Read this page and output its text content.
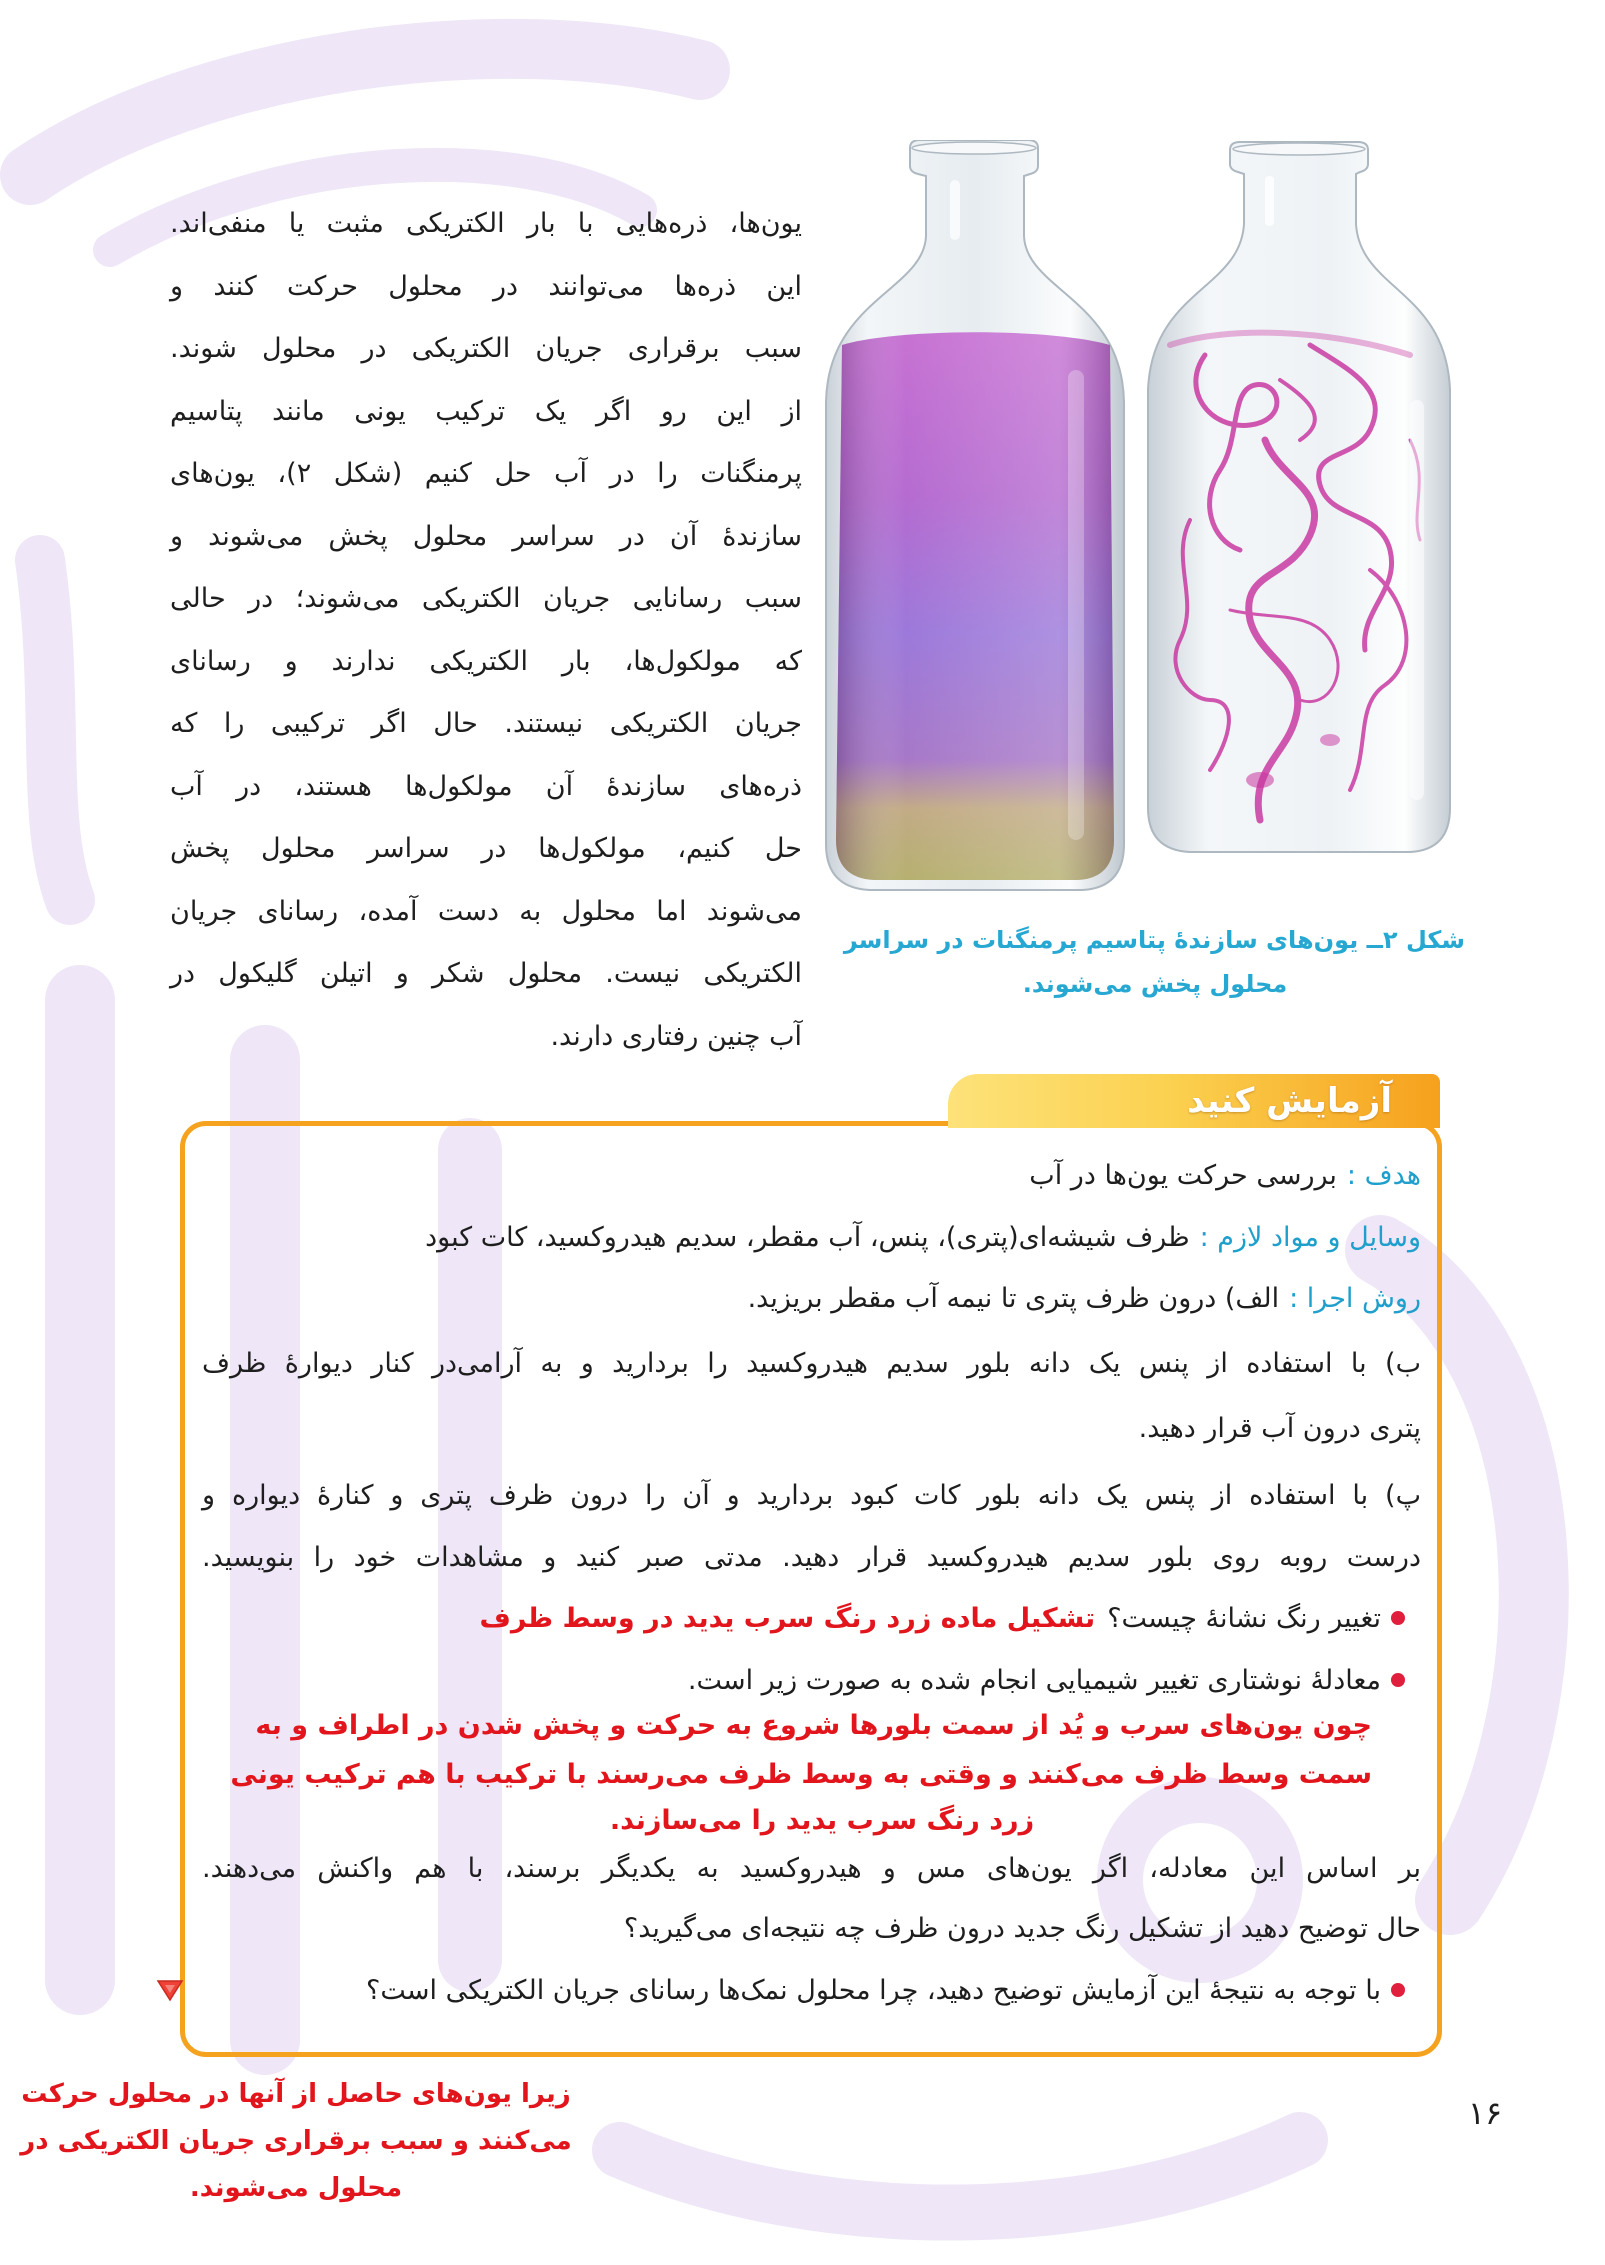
یون‌ها، ذره‌هایی با بار الکتریکی مثبت یا منفی‌اند.
این ذره‌ها می‌توانند در محلول حرکت کنند و
سبب برقراری جریان الکتریکی در محلول شوند.
از این رو اگر یک ترکیب یونی مانند پتاسیم
پرمنگنات را در آب حل کنیم (شکل ۲)، یون‌های
سازندهٔ آن در سراسر محلول پخش می‌شوند و
سبب رسانایی جریان الکتریکی می‌شوند؛ در حالی
که مولکول‌ها، بار الکتریکی ندارند و رسانای
جریان الکتریکی نیستند. حال اگر ترکیبی را که
ذره‌های سازندهٔ آن مولکول‌ها هستند، در آب
حل کنیم، مولکول‌ها در سراسر محلول پخش
می‌شوند اما محلول به دست آمده، رسانای جریان
الکتریکی نیست. محلول شکر و اتیلن گلیکول در
آب چنین رفتاری دارند.
شکل ۲ــ یون‌های سازندهٔ پتاسیم پرمنگنات در سراسر
محلول پخش می‌شوند.
آزمایش کنید
هدف :بررسی حرکت یون‌ها در آب
وسایل و مواد لازم :ظرف شیشه‌ای(پتری)، پنس، آب مقطر، سدیم هیدروکسید، کات کبود
روش اجرا :الف) درون ظرف پتری تا نیمه آب مقطر بریزید.
ب) با استفاده از پنس یک دانه بلور سدیم هیدروکسید را بردارید و به آرامی‌در کنار دیوارهٔ ظرف
پتری درون آب قرار دهید.
پ) با استفاده از پنس یک دانه بلور کات کبود بردارید و آن را درون ظرف پتری و کنارهٔ دیواره و
درست روبه روی بلور سدیم هیدروکسید قرار دهید. مدتی صبر کنید و مشاهدات خود را بنویسید.
تغییر رنگ نشانهٔ چیست؟تشکیل ماده زرد رنگ سرب یدید در وسط ظرف
معادلهٔ نوشتاری تغییر شیمیایی انجام شده به صورت زیر است.
چون یون‌های سرب و یُد از سمت بلورها شروع به حرکت و پخش شدن در اطراف و به
سمت وسط ظرف می‌کنند و وقتی به وسط ظرف می‌رسند با ترکیب با هم ترکیب یونی
زرد رنگ سرب یدید را می‌سازند.
بر اساس این معادله، اگر یون‌های مس و هیدروکسید به یکدیگر برسند، با هم واکنش می‌دهند.
حال توضیح دهید از تشکیل رنگ جدید درون ظرف چه نتیجه‌ای می‌گیرید؟
با توجه به نتیجهٔ این آزمایش توضیح دهید، چرا محلول نمک‌ها رسانای جریان الکتریکی است؟
۱۶
زیرا یون‌های حاصل از آنها در محلول حرکت
می‌کنند و سبب برقراری جریان الکتریکی در
محلول می‌شوند.
